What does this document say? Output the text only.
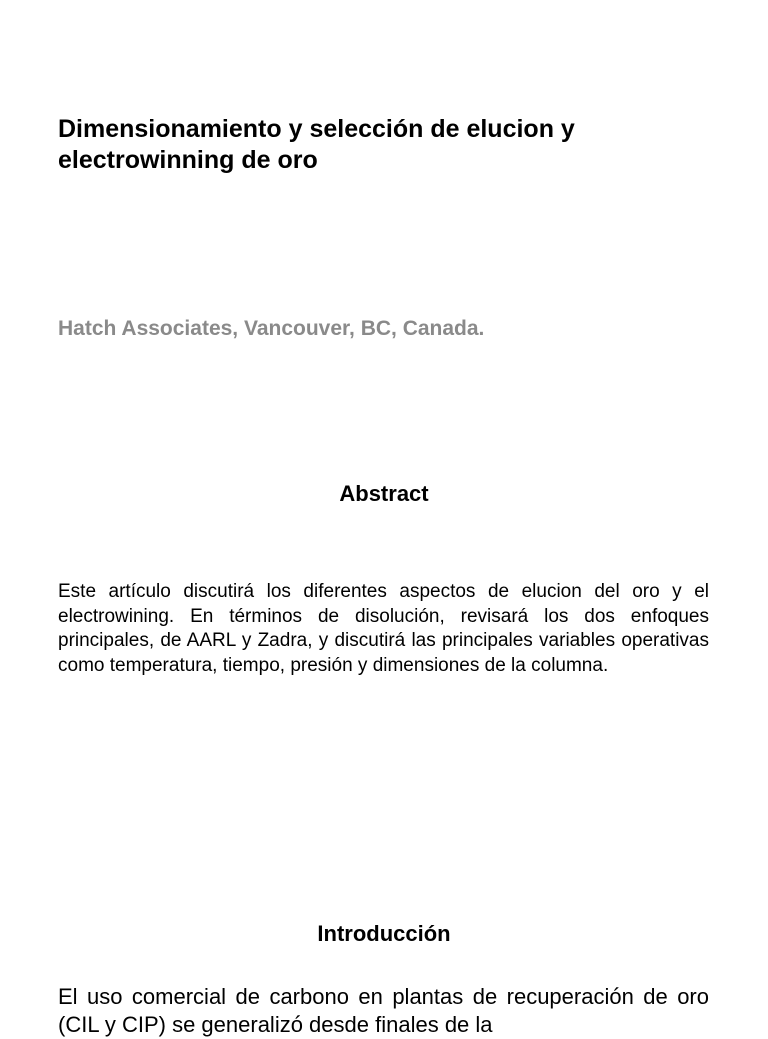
Dimensionamiento y selección de elucion y electrowinning de oro

Hatch Associates, Vancouver, BC, Canada.

Abstract

Este artículo discutirá los diferentes aspectos de elucion del oro y el electrowining. En términos de disolución, revisará los dos enfoques principales, de AARL y Zadra, y discutirá las principales variables operativas como temperatura, tiempo, presión y dimensiones de la columna.

Introducción

El uso comercial de carbono en plantas de recuperación de oro (CIL y CIP) se generalizó desde finales de la
